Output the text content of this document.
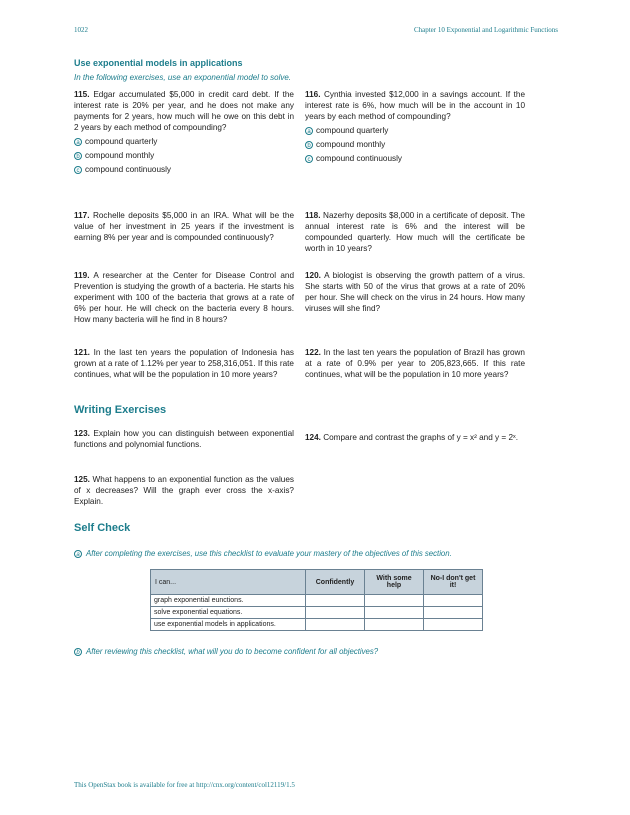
1022	Chapter 10 Exponential and Logarithmic Functions
Use exponential models in applications
In the following exercises, use an exponential model to solve.
115. Edgar accumulated $5,000 in credit card debt. If the interest rate is 20% per year, and he does not make any payments for 2 years, how much will he owe on this debt in 2 years by each method of compounding?
a compound quarterly
b compound monthly
c compound continuously
116. Cynthia invested $12,000 in a savings account. If the interest rate is 6%, how much will be in the account in 10 years by each method of compounding?
a compound quarterly
b compound monthly
c compound continuously
117. Rochelle deposits $5,000 in an IRA. What will be the value of her investment in 25 years if the investment is earning 8% per year and is compounded continuously?
118. Nazerhy deposits $8,000 in a certificate of deposit. The annual interest rate is 6% and the interest will be compounded quarterly. How much will the certificate be worth in 10 years?
119. A researcher at the Center for Disease Control and Prevention is studying the growth of a bacteria. He starts his experiment with 100 of the bacteria that grows at a rate of 6% per hour. He will check on the bacteria every 8 hours. How many bacteria will he find in 8 hours?
120. A biologist is observing the growth pattern of a virus. She starts with 50 of the virus that grows at a rate of 20% per hour. She will check on the virus in 24 hours. How many viruses will she find?
121. In the last ten years the population of Indonesia has grown at a rate of 1.12% per year to 258,316,051. If this rate continues, what will be the population in 10 more years?
122. In the last ten years the population of Brazil has grown at a rate of 0.9% per year to 205,823,665. If this rate continues, what will be the population in 10 more years?
Writing Exercises
123. Explain how you can distinguish between exponential functions and polynomial functions.
124. Compare and contrast the graphs of y = x² and y = 2ˣ.
125. What happens to an exponential function as the values of x decreases? Will the graph ever cross the x-axis? Explain.
Self Check
a After completing the exercises, use this checklist to evaluate your mastery of the objectives of this section.
I can...	Confidently	With some help	No-I don't get it!
graph exponential eunctions.			
solve exponential equations.			
use exponential models in applications.			
b After reviewing this checklist, what will you do to become confident for all objectives?
This OpenStax book is available for free at http://cnx.org/content/col12119/1.5
